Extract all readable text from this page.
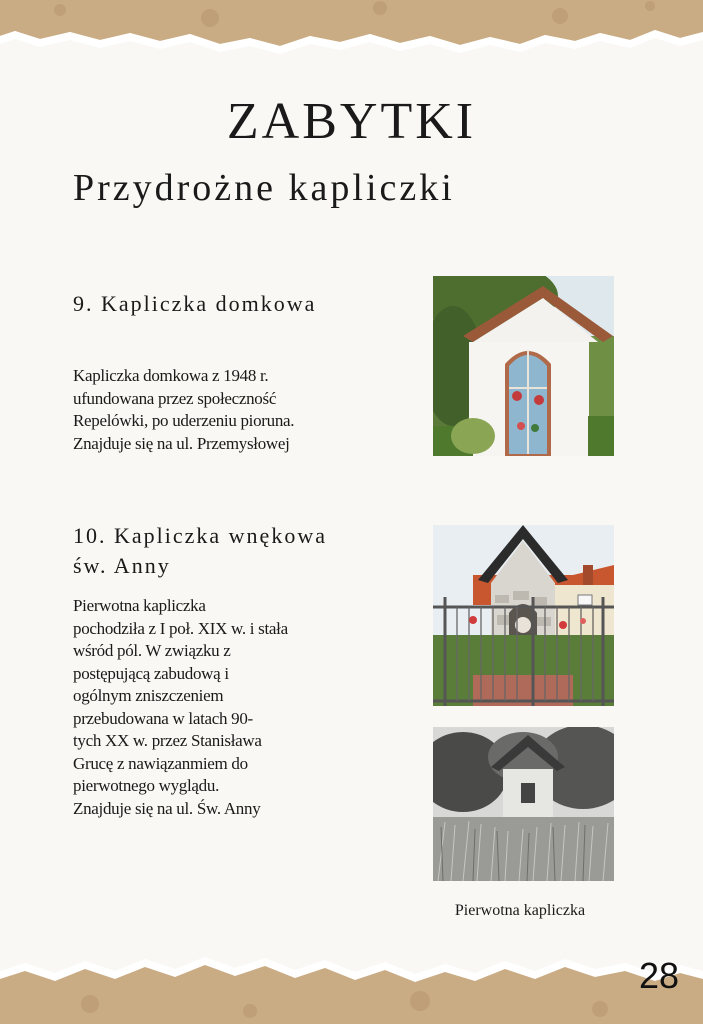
ZABYTKI
Przydrożne kapliczki
9. Kapliczka domkowa
Kapliczka domkowa z 1948 r.
ufundowana przez społeczność
Repelówki, po uderzeniu pioruna.
Znajduje się na ul. Przemysłowej
10. Kapliczka wnękowa
św. Anny
Pierwotna kapliczka
pochodziła z I poł. XIX w. i stała
wśród pól. W związku z
postępującą zabudową i
ogólnym zniszczeniem
przebudowana w latach 90-
tych XX w. przez Stanisława
Grucę z nawiązanmiem do
pierwotnego wyglądu.
Znajduje się na ul. Św. Anny

Pierwotna kapliczka

28
